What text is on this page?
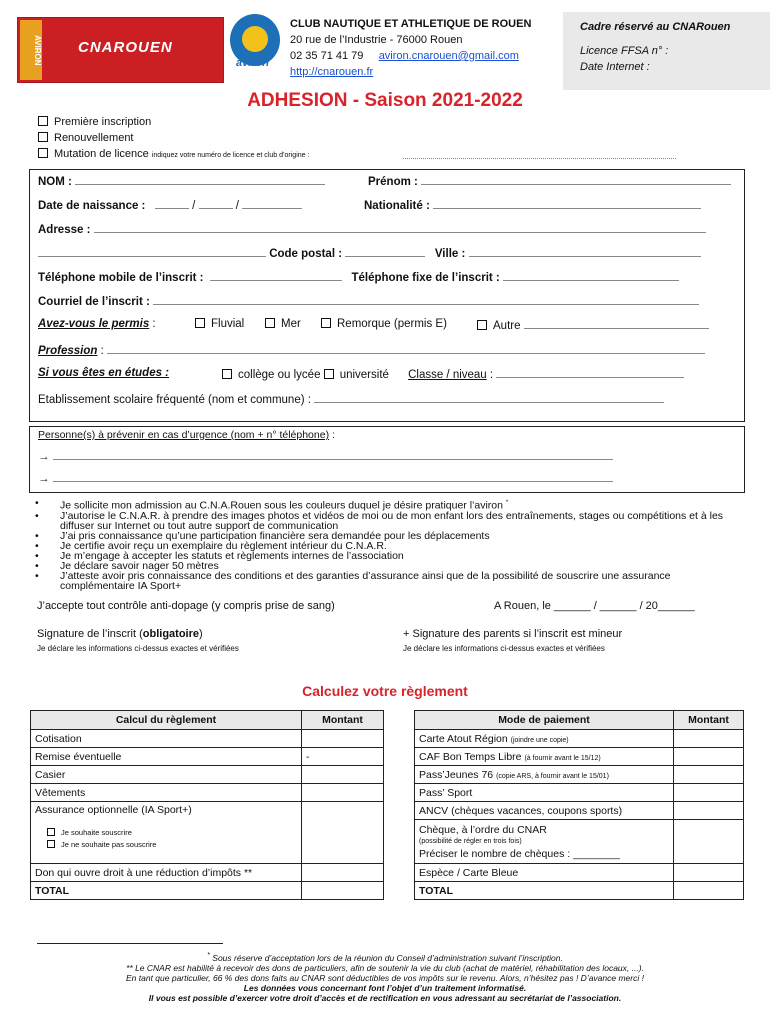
AVIRON CNAROUEN
aviron
CLUB NAUTIQUE ET ATHLETIQUE DE ROUEN
20 rue de l’Industrie - 76000 Rouen
02 35 71 41 79 aviron.cnarouen@gmail.com
http://cnarouen.fr
Cadre réservé au CNARouen
Licence FFSA n° :
Date Internet :
ADHESION - Saison 2021-2022
Première inscription
Renouvellement
Mutation de licence indiquez votre numéro de licence et club d’origine :
NOM :	Prénom :
Date de naissance :	/	/	Nationalité :
Adresse :
Code postal :	Ville :
Téléphone mobile de l’inscrit :	Téléphone fixe de l’inscrit :
Courriel de l’inscrit :
Avez-vous le permis :	Fluvial	Mer	Remorque (permis E)	Autre
Profession :
Si vous êtes en études :	collège ou lycée université Classe / niveau :
Etablissement scolaire fréquenté (nom et commune) :
Personne(s) à prévenir en cas d’urgence (nom + n° téléphone) :
→
→
• Je sollicite mon admission au C.N.A.Rouen sous les couleurs duquel je désire pratiquer l’aviron *
• J’autorise le C.N.A.R. à prendre des images photos et vidéos de moi ou de mon enfant lors des entraînements, stages ou compétitions et à les diffuser sur Internet ou tout autre support de communication
• J’ai pris connaissance qu’une participation financière sera demandée pour les déplacements
• Je certifie avoir reçu un exemplaire du règlement intérieur du C.N.A.R.
• Je m’engage à accepter les statuts et règlements internes de l’association
• Je déclare savoir nager 50 mètres
• J’atteste avoir pris connaissance des conditions et des garanties d’assurance ainsi que de la possibilité de souscrire une assurance complémentaire IA Sport+
J’accepte tout contrôle anti-dopage (y compris prise de sang)	A Rouen, le ______ / ______ / 20______
Signature de l’inscrit (obligatoire)
Je déclare les informations ci-dessus exactes et vérifiées
+ Signature des parents si l’inscrit est mineur
Je déclare les informations ci-dessus exactes et vérifiées
Calculez votre règlement
Calcul du règlement	Montant
Cotisation	
Remise éventuelle	-
Casier	
Vêtements	

Assurance optionnelle (IA Sport+)
Je souhaite souscrire
Je ne souhaite pas souscrire	

Don qui ouvre droit à une réduction d’impôts **	
TOTAL	
Mode de paiement	Montant
Carte Atout Région (joindre une copie)	
CAF Bon Temps Libre (à fournir avant le 15/12)	
Pass’Jeunes 76 (copie ARS, à fournir avant le 15/01)	
Pass’ Sport	
ANCV (chèques vacances, coupons sports)	

Chèque, à l’ordre du CNAR
(possibilité de régler en trois fois)
Préciser le nombre de chèques : ________	

Espèce / Carte Bleue	
TOTAL	
* Sous réserve d’acceptation lors de la réunion du Conseil d’administration suivant l’inscription.
** Le CNAR est habilité à recevoir des dons de particuliers, afin de soutenir la vie du club (achat de matériel, réhabilitation des locaux, ...).
En tant que particulier, 66 % des dons faits au CNAR sont déductibles de vos impôts sur le revenu. Alors, n’hésitez pas ! D’avance merci !
Les données vous concernant font l’objet d’un traitement informatisé.
Il vous est possible d’exercer votre droit d’accès et de rectification en vous adressant au secrétariat de l’association.
